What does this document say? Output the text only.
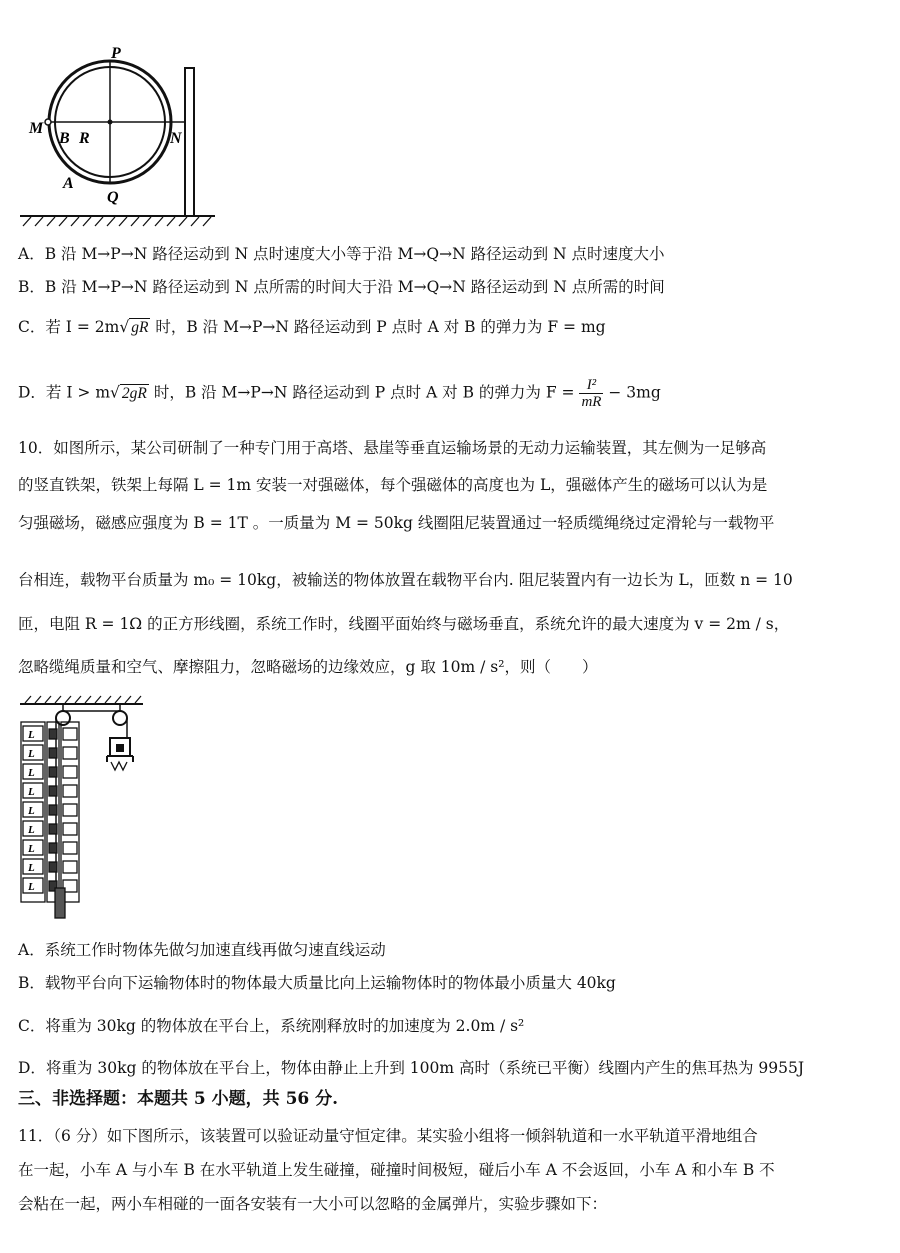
P
M
B R	N
A
Q
A．B 沿 M→P→N 路径运动到 N 点时速度大小等于沿 M→Q→N 路径运动到 N 点时速度大小
B．B 沿 M→P→N 路径运动到 N 点所需的时间大于沿 M→Q→N 路径运动到 N 点所需的时间
C．若 I = 2m√ gR 时，B 沿 M→P→N 路径运动到 P 点时 A 对 B 的弹力为 F = mg
D．若 I > m√ 2gR 时，B 沿 M→P→N 路径运动到 P 点时 A 对 B 的弹力为 $F = \frac{\text{I²}}{mR} - 3mg$
10．如图所示，某公司研制了一种专门用于高塔、悬崖等垂直运输场景的无动力运输装置，其左侧为一足够高
的竖直铁架，铁架上每隔 L = 1m 安装一对强磁体，每个强磁体的高度也为 L，强磁体产生的磁场可以认为是
匀强磁场，磁感应强度为 B = 1T 。一质量为 M = 50kg 线圈阻尼装置通过一轻质缆绳绕过定滑轮与一载物平
台相连，载物平台质量为 m₀ = 10kg，被输送的物体放置在载物平台内. 阻尼装置内有一边长为 L，匝数 n = 10
匝，电阻 R = 1Ω 的正方形线圈，系统工作时，线圈平面始终与磁场垂直，系统允许的最大速度为 v = 2m / s，
忽略缆绳质量和空气、摩擦阻力，忽略磁场的边缘效应，g 取 10m / s²，则（　　）
L
L
L
L
L
L
L
L
L
A．系统工作时物体先做匀加速直线再做匀速直线运动
B．载物平台向下运输物体时的物体最大质量比向上运输物体时的物体最小质量大 40kg
C．将重为 30kg 的物体放在平台上，系统刚释放时的加速度为 2.0m / s²
D．将重为 30kg 的物体放在平台上，物体由静止上升到 100m 高时（系统已平衡）线圈内产生的焦耳热为 9955J
三、非选择题：本题共 5 小题，共 56 分.
11．（6 分）如下图所示，该装置可以验证动量守恒定律。某实验小组将一倾斜轨道和一水平轨道平滑地组合
在一起，小车 A 与小车 B 在水平轨道上发生碰撞，碰撞时间极短，碰后小车 A 不会返回，小车 A 和小车 B 不
会粘在一起，两小车相碰的一面各安装有一大小可以忽略的金属弹片，实验步骤如下：
